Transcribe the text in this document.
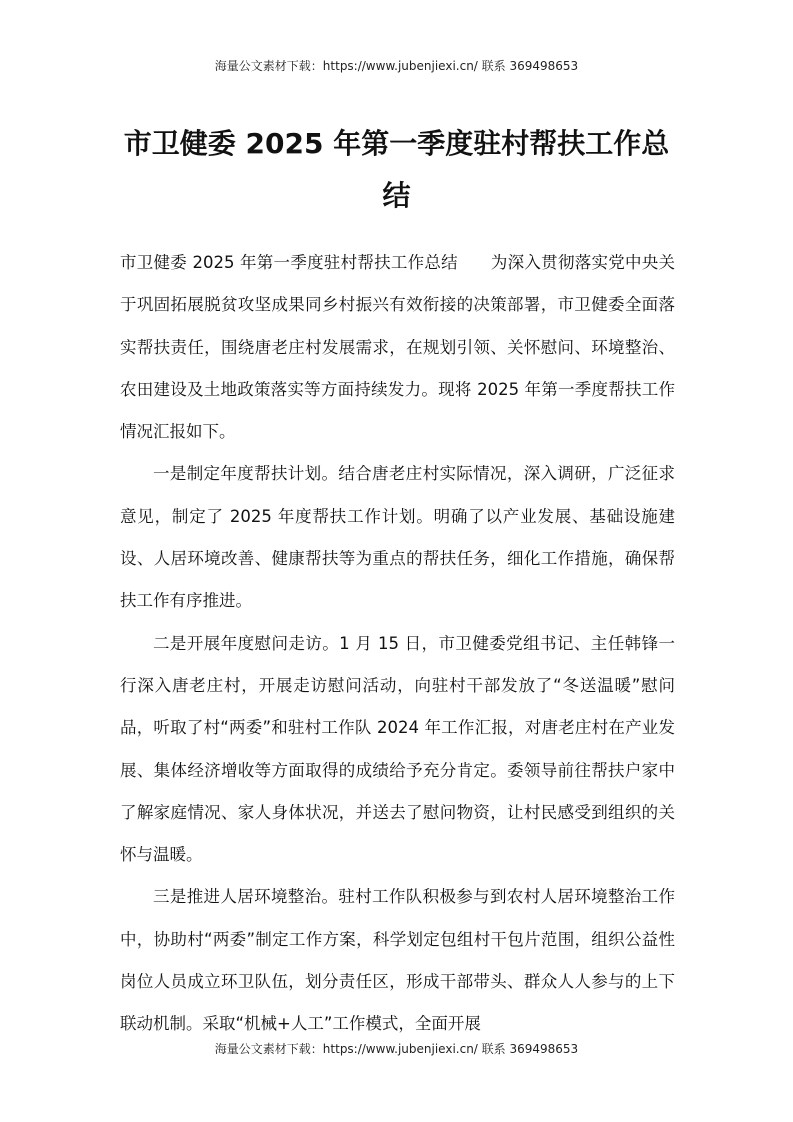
海量公文素材下载：https://www.jubenjiexi.cn/ 联系 369498653
市卫健委 2025 年第一季度驻村帮扶工作总结

市卫健委 2025 年第一季度驻村帮扶工作总结 为深入贯彻落实党中央关于巩固拓展脱贫攻坚成果同乡村振兴有效衔接的决策部署，市卫健委全面落实帮扶责任，围绕唐老庄村发展需求，在规划引领、关怀慰问、环境整治、农田建设及土地政策落实等方面持续发力。现将 2025 年第一季度帮扶工作情况汇报如下。

一是制定年度帮扶计划。结合唐老庄村实际情况，深入调研，广泛征求意见，制定了 2025 年度帮扶工作计划。明确了以产业发展、基础设施建设、人居环境改善、健康帮扶等为重点的帮扶任务，细化工作措施，确保帮扶工作有序推进。

二是开展年度慰问走访。1 月 15 日，市卫健委党组书记、主任韩锋一行深入唐老庄村，开展走访慰问活动，向驻村干部发放了“冬送温暖”慰问品，听取了村“两委”和驻村工作队 2024 年工作汇报，对唐老庄村在产业发展、集体经济增收等方面取得的成绩给予充分肯定。委领导前往帮扶户家中了解家庭情况、家人身体状况，并送去了慰问物资，让村民感受到组织的关怀与温暖。

三是推进人居环境整治。驻村工作队积极参与到农村人居环境整治工作中，协助村“两委”制定工作方案，科学划定包组村干包片范围，组织公益性岗位人员成立环卫队伍，划分责任区，形成干部带头、群众人人参与的上下联动机制。采取“机械+人工”工作模式，全面开展

海量公文素材下载：https://www.jubenjiexi.cn/ 联系 369498653
